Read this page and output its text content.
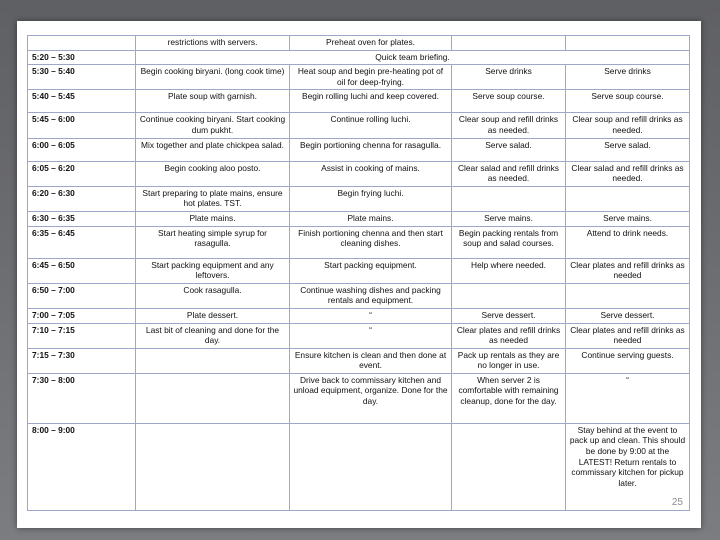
	restrictions with servers.	Preheat oven for plates.		
5:20 – 5:30	Quick team briefing.			
5:30 – 5:40	Begin cooking biryani. (long cook time)	Heat soup and begin pre-heating pot of oil for deep-frying.	Serve drinks	Serve drinks
5:40 – 5:45	Plate soup with garnish.	Begin rolling luchi and keep covered.	Serve soup course.	Serve soup course.
5:45 – 6:00	Continue cooking biryani. Start cooking dum pukht.	Continue rolling luchi.	Clear soup and refill drinks as needed.	Clear soup and refill drinks as needed.
6:00 – 6:05	Mix together and plate chickpea salad.	Begin portioning chenna for rasagulla.	Serve salad.	Serve salad.
6:05 – 6:20	Begin cooking aloo posto.	Assist in cooking of mains.	Clear salad and refill drinks as needed.	Clear salad and refill drinks as needed.
6:20 – 6:30	Start preparing to plate mains, ensure hot plates. TST.	Begin frying luchi.		
6:30 – 6:35	Plate mains.	Plate mains.	Serve mains.	Serve mains.
6:35 – 6:45	Start heating simple syrup for rasagulla.	Finish portioning chenna and then start cleaning dishes.	Begin packing rentals from soup and salad courses.	Attend to drink needs.
6:45 – 6:50	Start packing equipment and any leftovers.	Start packing equipment.	Help where needed.	Clear plates and refill drinks as needed
6:50 – 7:00	Cook rasagulla.	Continue washing dishes and packing rentals and equipment.		
7:00 – 7:05	Plate dessert.	“	Serve dessert.	Serve dessert.
7:10 – 7:15	Last bit of cleaning and done for the day.	“	Clear plates and refill drinks as needed	Clear plates and refill drinks as needed
7:15 – 7:30		Ensure kitchen is clean and then done at event.	Pack up rentals as they are no longer in use.	Continue serving guests.
7:30 – 8:00		Drive back to commissary kitchen and unload equipment, organize. Done for the day.	When server 2 is comfortable with remaining cleanup, done for the day.	“
8:00 – 9:00				Stay behind at the event to pack up and clean. This should be done by 9:00 at the LATEST! Return rentals to commissary kitchen for pickup later.
25
